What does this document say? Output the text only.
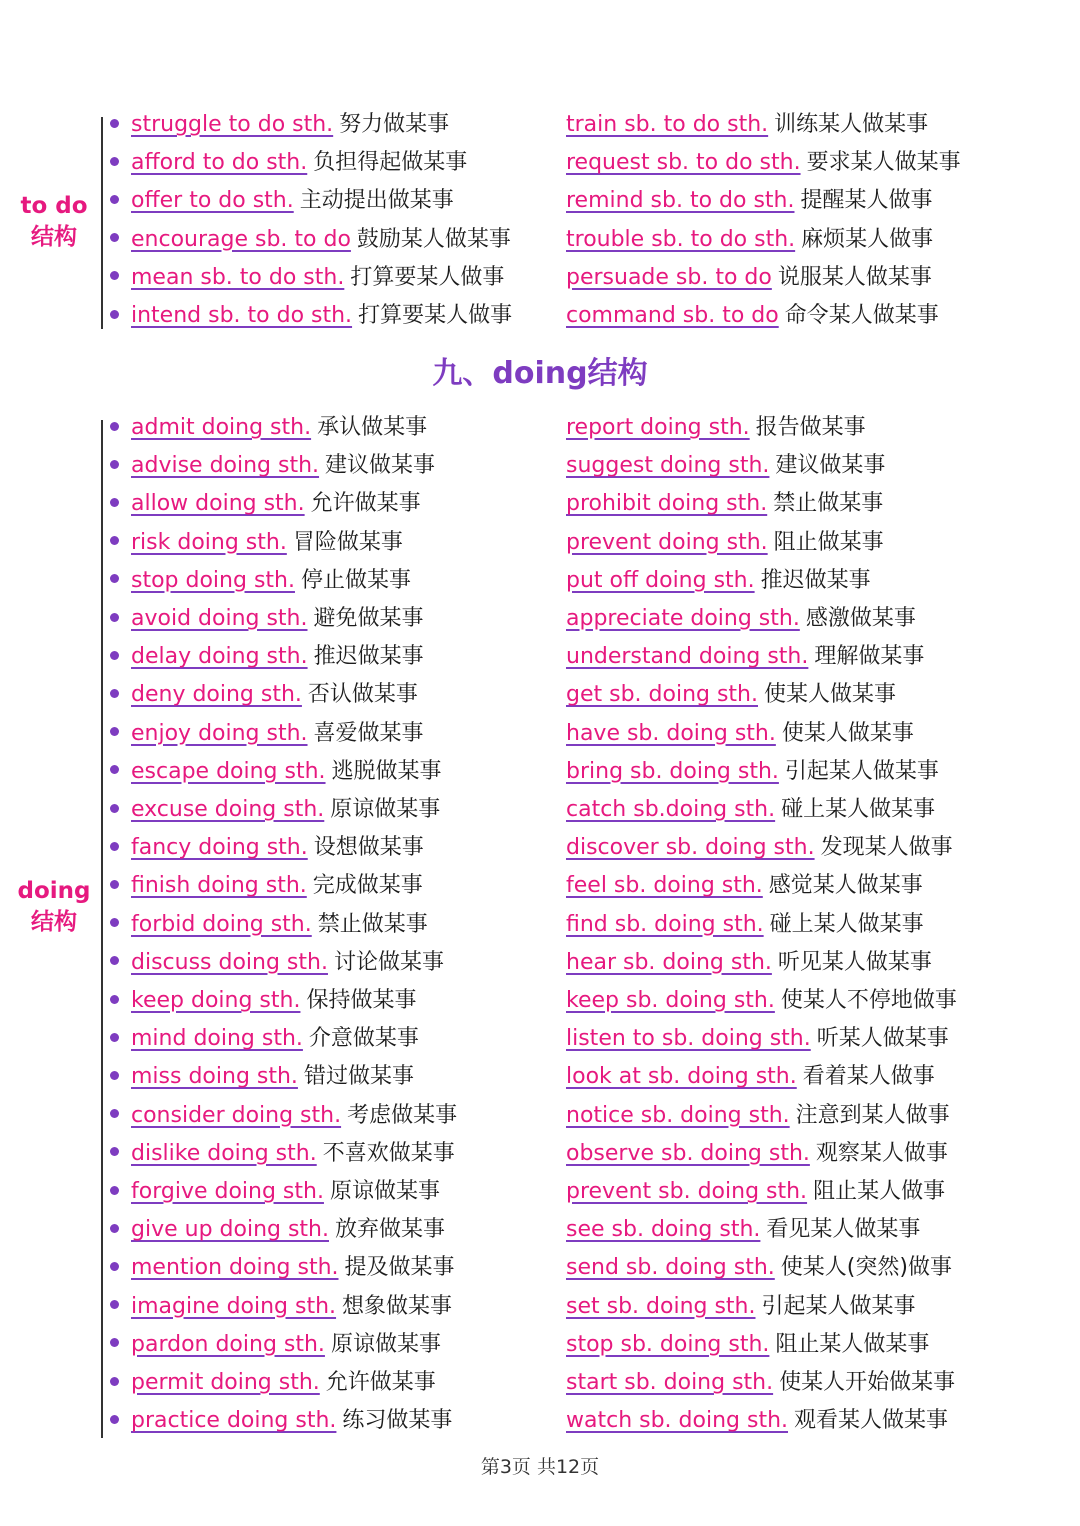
to do
结构
struggle to do sth. 努力做某事
afford to do sth. 负担得起做某事
offer to do sth. 主动提出做某事
encourage sb. to do 鼓励某人做某事
mean sb. to do sth. 打算要某人做事
intend sb. to do sth. 打算要某人做事
train sb. to do sth. 训练某人做某事
request sb. to do sth. 要求某人做某事
remind sb. to do sth. 提醒某人做事
trouble sb. to do sth. 麻烦某人做事
persuade sb. to do 说服某人做某事
command sb. to do 命令某人做某事
九、doing结构
doing
结构
admit doing sth. 承认做某事
advise doing sth. 建议做某事
allow doing sth. 允许做某事
risk doing sth. 冒险做某事
stop doing sth. 停止做某事
avoid doing sth. 避免做某事
delay doing sth. 推迟做某事
deny doing sth. 否认做某事
enjoy doing sth. 喜爱做某事
escape doing sth. 逃脱做某事
excuse doing sth. 原谅做某事
fancy doing sth. 设想做某事
finish doing sth. 完成做某事
forbid doing sth. 禁止做某事
discuss doing sth. 讨论做某事
keep doing sth. 保持做某事
mind doing sth. 介意做某事
miss doing sth. 错过做某事
consider doing sth. 考虑做某事
dislike doing sth. 不喜欢做某事
forgive doing sth. 原谅做某事
give up doing sth. 放弃做某事
mention doing sth. 提及做某事
imagine doing sth. 想象做某事
pardon doing sth. 原谅做某事
permit doing sth. 允许做某事
practice doing sth. 练习做某事
report doing sth. 报告做某事
suggest doing sth. 建议做某事
prohibit doing sth. 禁止做某事
prevent doing sth. 阻止做某事
put off doing sth. 推迟做某事
appreciate doing sth. 感激做某事
understand doing sth. 理解做某事
get sb. doing sth. 使某人做某事
have sb. doing sth. 使某人做某事
bring sb. doing sth. 引起某人做某事
catch sb.doing sth. 碰上某人做某事
discover sb. doing sth. 发现某人做事
feel sb. doing sth. 感觉某人做某事
find sb. doing sth. 碰上某人做某事
hear sb. doing sth. 听见某人做某事
keep sb. doing sth. 使某人不停地做事
listen to sb. doing sth. 听某人做某事
look at sb. doing sth. 看着某人做事
notice sb. doing sth. 注意到某人做事
observe sb. doing sth. 观察某人做事
prevent sb. doing sth. 阻止某人做事
see sb. doing sth. 看见某人做某事
send sb. doing sth. 使某人(突然)做事
set sb. doing sth. 引起某人做某事
stop sb. doing sth. 阻止某人做某事
start sb. doing sth. 使某人开始做某事
watch sb. doing sth. 观看某人做某事
第3页 共12页
